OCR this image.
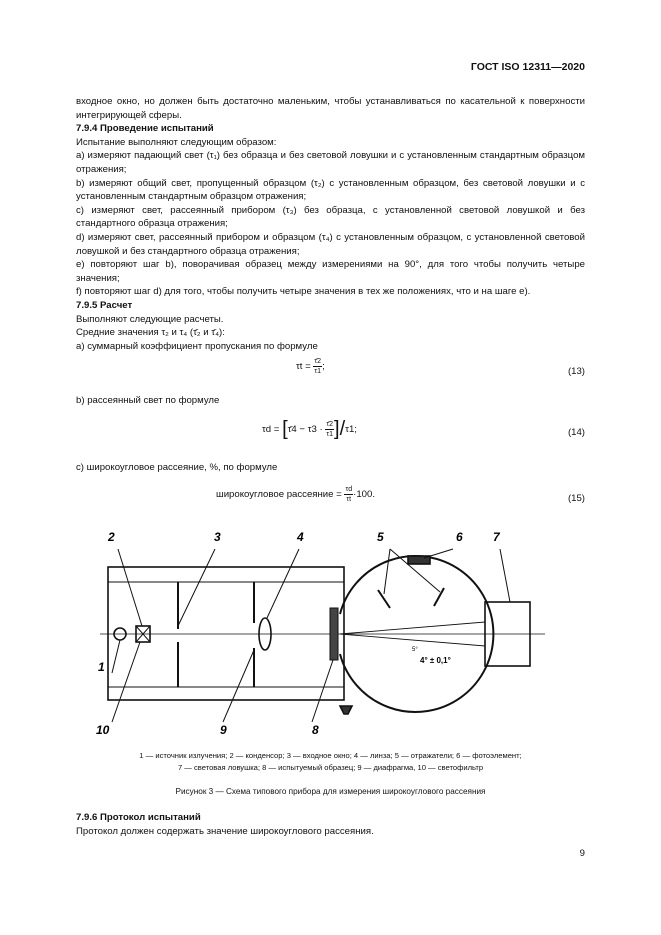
ГОСТ ISO 12311—2020

входное окно, но должен быть достаточно маленьким, чтобы устанавливаться по касательной к поверхности интегрирующей сферы.

7.9.4 Проведение испытаний

Испытание выполняют следующим образом:

а) измеряют падающий свет (τ₁) без образца и без световой ловушки и с установленным стандартным образцом отражения;

b) измеряют общий свет, пропущенный образцом (τ₂) с установленным образцом, без световой ловушки и с установленным стандартным образцом отражения;

с) измеряют свет, рассеянный прибором (τ₃) без образца, с установленной световой ловушкой и без стандартного образца отражения;

d) измеряют свет, рассеянный прибором и образцом (τ₄) с установленным образцом, с установленной световой ловушкой и без стандартного образца отражения;

e) повторяют шаг b), поворачивая образец между измерениями на 90°, для того чтобы получить четыре значения;

f) повторяют шаг d) для того, чтобы получить четыре значения в тех же положениях, что и на шаге е).

7.9.5 Расчет

Выполняют следующие расчеты.

Средние значения τ₂ и τ₄ (τ̄₂ и τ̄₄):

а) суммарный коэффициент пропускания по формуле

$\tau t = \frac{\taū2}{\tau 1}$ ;	(13)

b) рассеянный свет по формуле

τd = [τ̄4 − $\tau 3 \cdot \frac{\taū2}{\tau 1} ]/\tau 1$;	(14)

с) широкоугловое рассеяние, %, по формуле

широкоугловое рассеяние = $\frac{\tau d}{\tau t} \cdot 100$.	(15)
2	3	4	5	6	7
1
8
9
10
4° ± 0,1°
5°
1 — источник излучения; 2 — конденсор; 3 — входное окно; 4 — линза; 5 — отражатели; 6 — фотоэлемент;
7 — световая ловушка; 8 — испытуемый образец; 9 — диафрагма, 10 — светофильтр
Рисунок 3 — Схема типового прибора для измерения широкоуглового рассеяния

7.9.6 Протокол испытаний

Протокол должен содержать значение широкоуглового рассеяния.

9
